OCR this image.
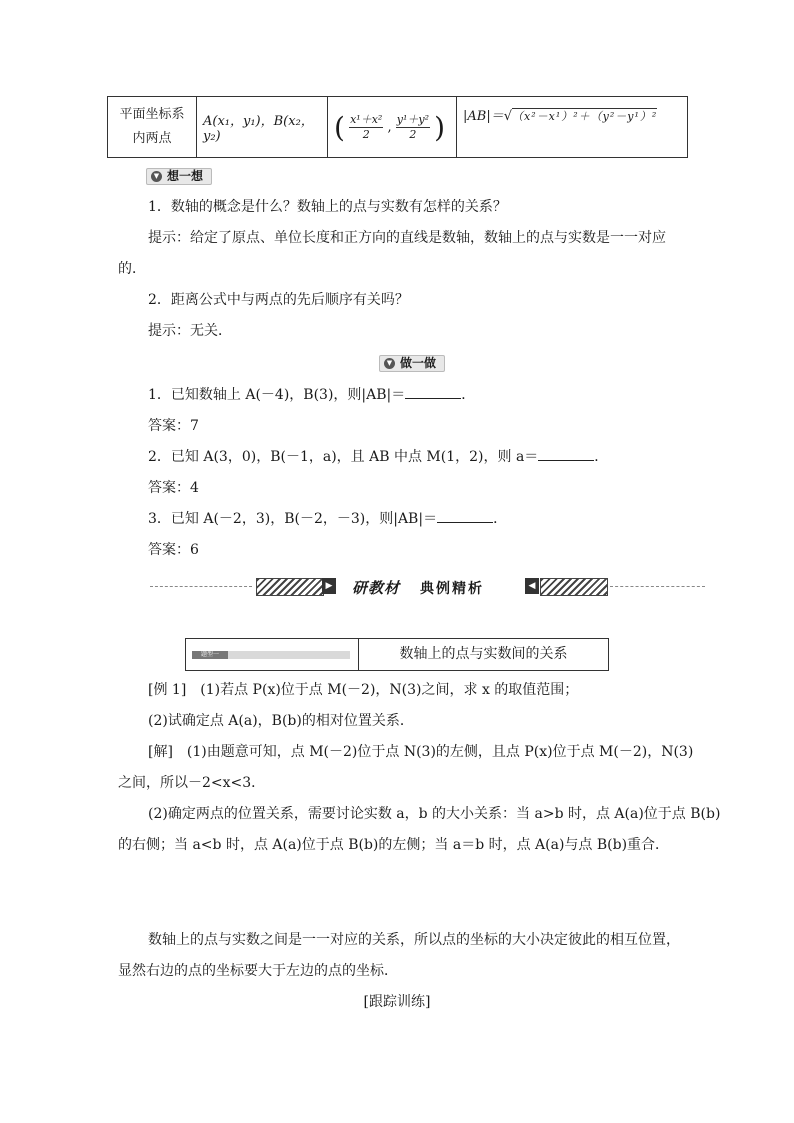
平面坐标系
内两点
	A(x₁，y₁)，B(x₂，y₂)	( $\frac{\text{x¹＋x²}}{2}$ , $\frac{\text{y¹＋y²}}{2}$ )	|AB|＝√（x²－x¹）²＋（y²－y¹）²
▼ 想一想
1．数轴的概念是什么？数轴上的点与实数有怎样的关系？
提示：给定了原点、单位长度和正方向的直线是数轴，数轴上的点与实数是一一对应
的．
2．距离公式中与两点的先后顺序有关吗？
提示：无关．
▼ 做一做
1．已知数轴上 A(－4)，B(3)，则|AB|＝	．
答案：7
2．已知 A(3，0)，B(－1，a)，且 AB 中点 M(1，2)，则 a＝	．
答案：4
3．已知 A(－2，3)，B(－2，－3)，则|AB|＝	．
答案：6
▶ 研教材 典例精析	◀
题型一	数轴上的点与实数间的关系
[例 1]　(1)若点 P(x)位于点 M(－2)，N(3)之间，求 x 的取值范围；
(2)试确定点 A(a)，B(b)的相对位置关系．
[解]　(1)由题意可知，点 M(－2)位于点 N(3)的左侧，且点 P(x)位于点 M(－2)，N(3)
之间，所以－2<x<3．
(2)确定两点的位置关系，需要讨论实数 a，b 的大小关系：当 a>b 时，点 A(a)位于点 B(b)
的右侧；当 a<b 时，点 A(a)位于点 B(b)的左侧；当 a＝b 时，点 A(a)与点 B(b)重合．
数轴上的点与实数之间是一一对应的关系，所以点的坐标的大小决定彼此的相互位置，
显然右边的点的坐标要大于左边的点的坐标．
[跟踪训练]
